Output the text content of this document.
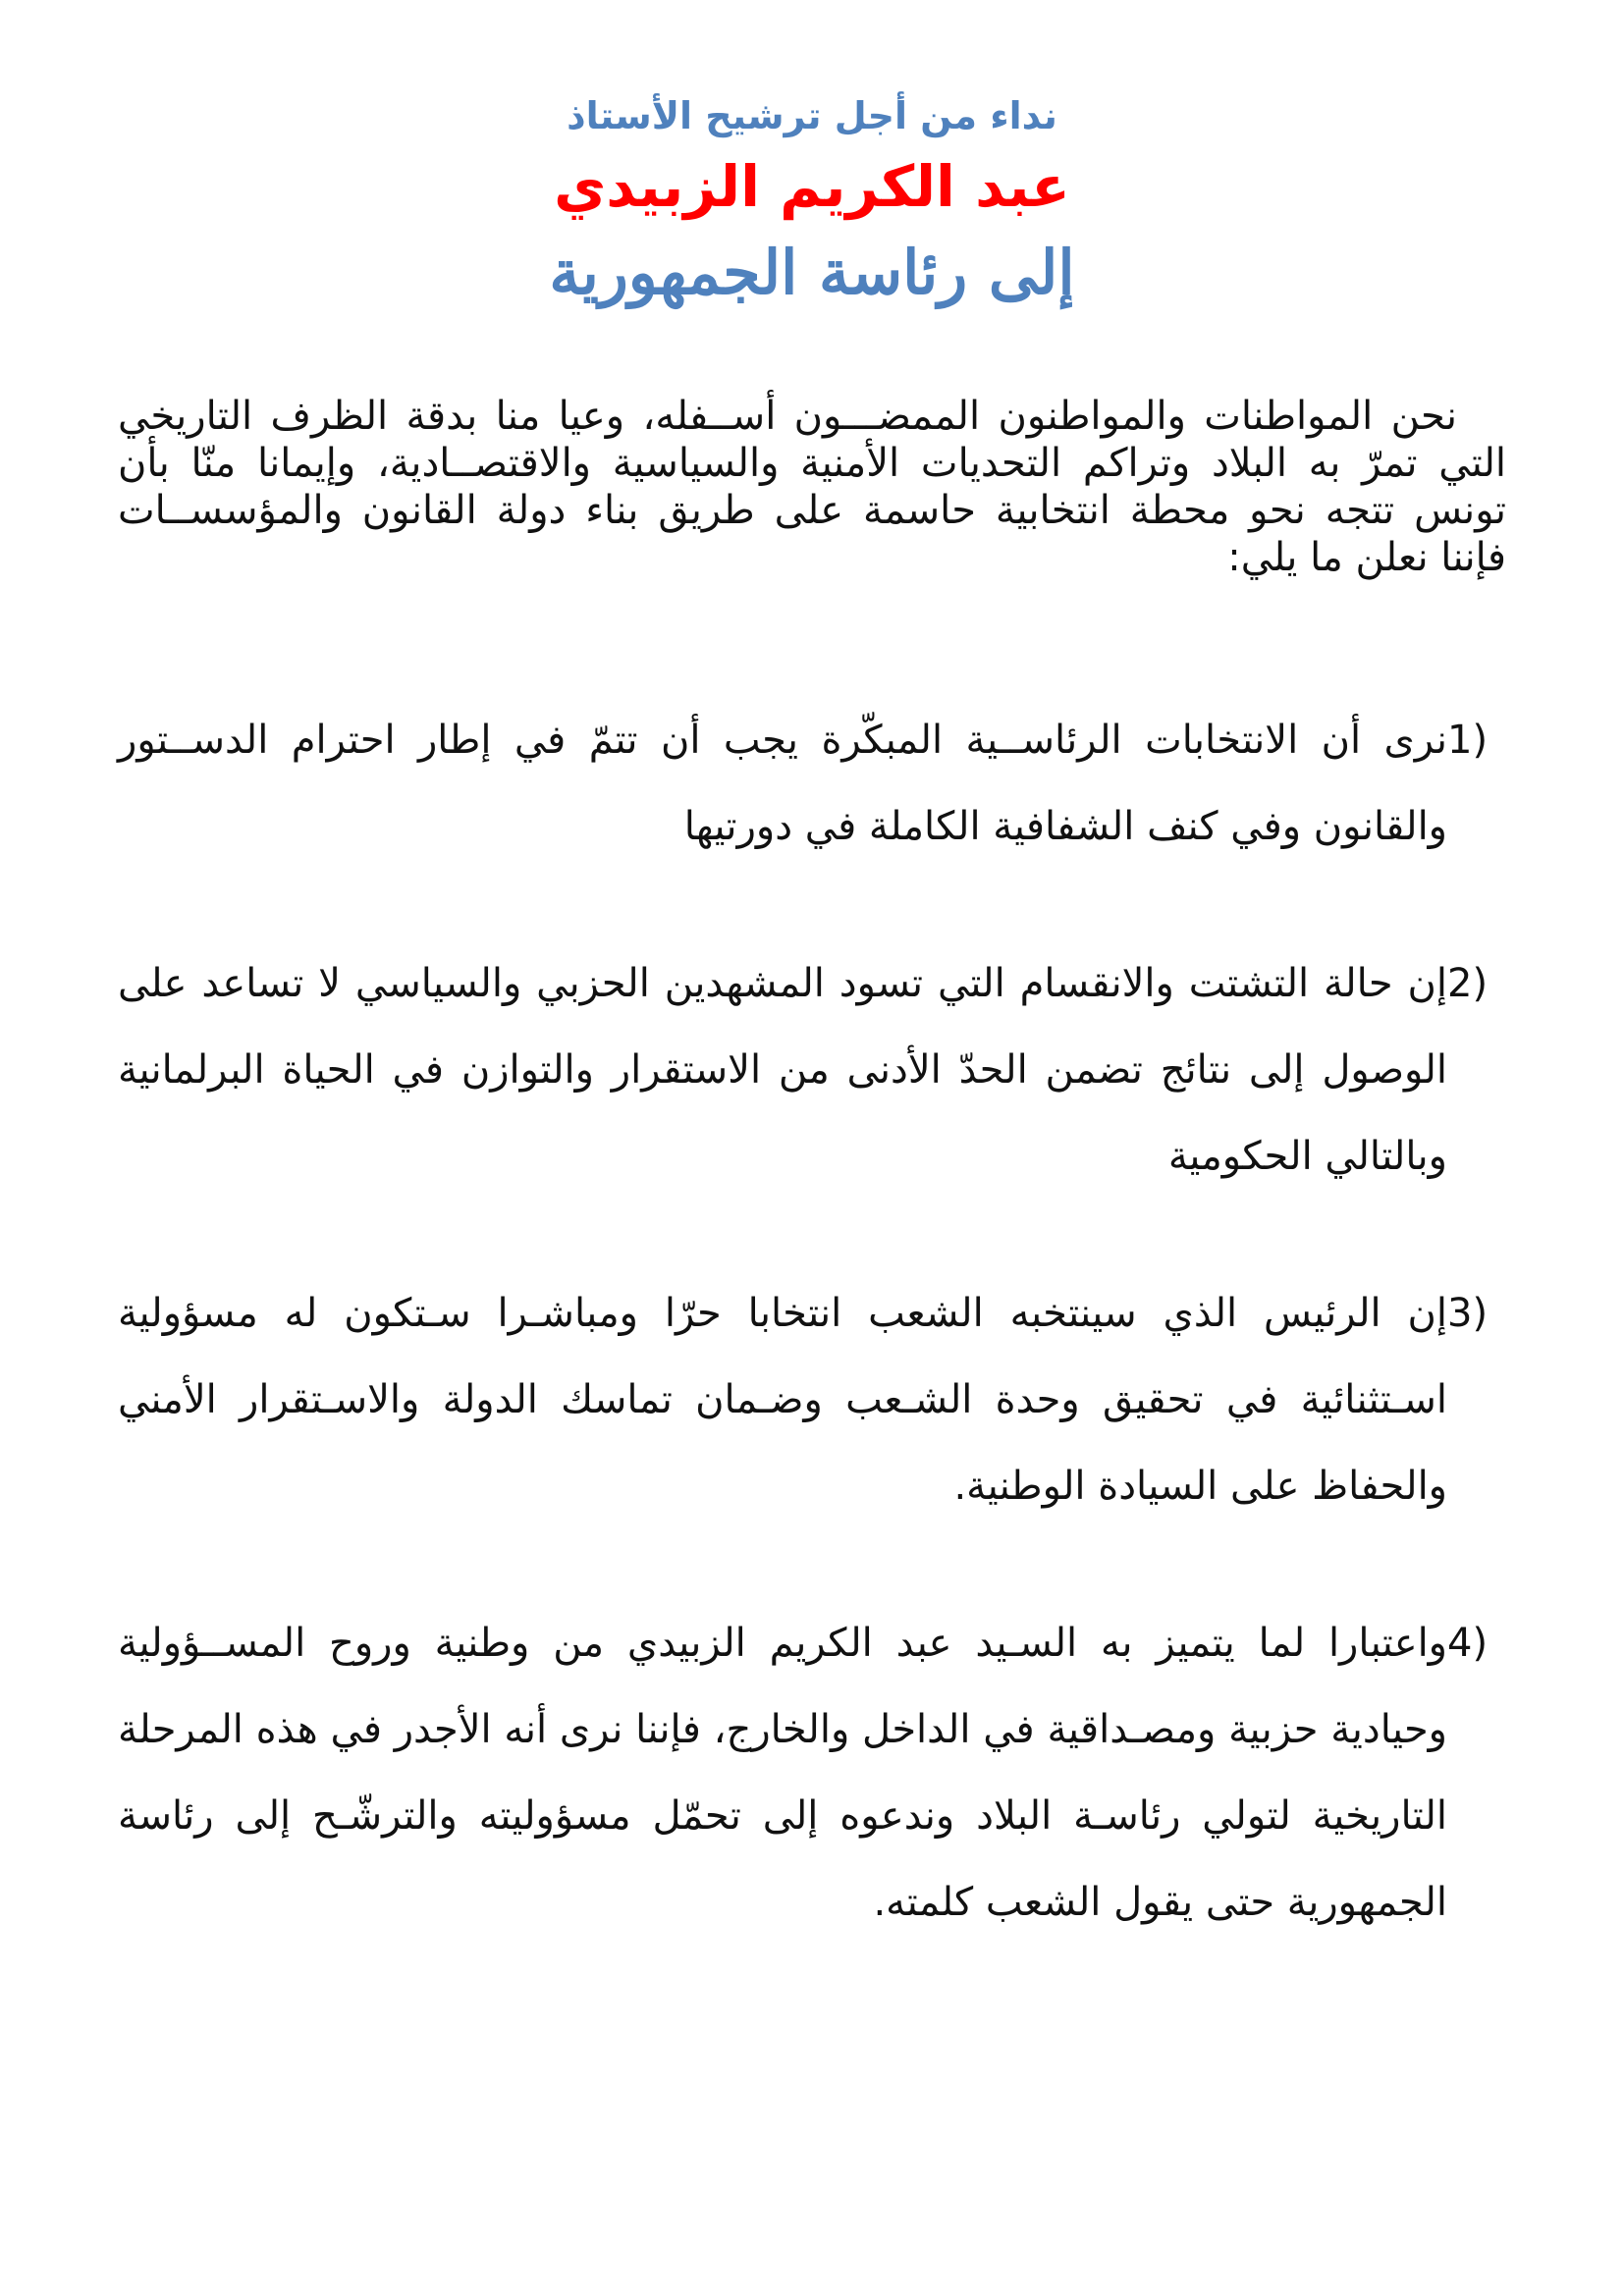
نداء من أجل ترشيح الأستاذ

عبد الكريم الزبيدي

إلى رئاسة الجمهورية

نحن المواطنات والمواطنون الممضـــون أســفله، وعيا منا بدقة الظرف التاريخي التي تمرّ به البلاد وتراكم التحديات الأمنية والسياسية والاقتصــادية، وإيمانا منّا بأن تونس تتجه نحو محطة انتخابية حاسمة على طريق بناء دولة القانون والمؤسســات فإننا نعلن ما يلي:

1)
نرى أن الانتخابات الرئاســية المبكّرة يجب أن تتمّ في إطار احترام الدســتور والقانون وفي كنف الشفافية الكاملة في دورتيها
2)
إن حالة التشتت والانقسام التي تسود المشهدين الحزبي والسياسي لا تساعد على الوصول إلى نتائج تضمن الحدّ الأدنى من الاستقرار والتوازن في الحياة البرلمانية وبالتالي الحكومية
3)
إن الرئيس الذي سينتخبه الشعب انتخابا حرّا ومباشـرا سـتكون له مسؤولية اسـتثنائية في تحقيق وحدة الشـعب وضـمان تماسك الدولة والاسـتقرار الأمني والحفاظ على السيادة الوطنية.
4)
واعتبارا لما يتميز به السـيد عبد الكريم الزبيدي من وطنية وروح المســؤولية وحيادية حزبية ومصـداقية في الداخل والخارج، فإننا نرى أنه الأجدر في هذه المرحلة التاريخية لتولي رئاسـة البلاد وندعوه إلى تحمّل مسؤوليته والترشّـح إلى رئاسة الجمهورية حتى يقول الشعب كلمته.
